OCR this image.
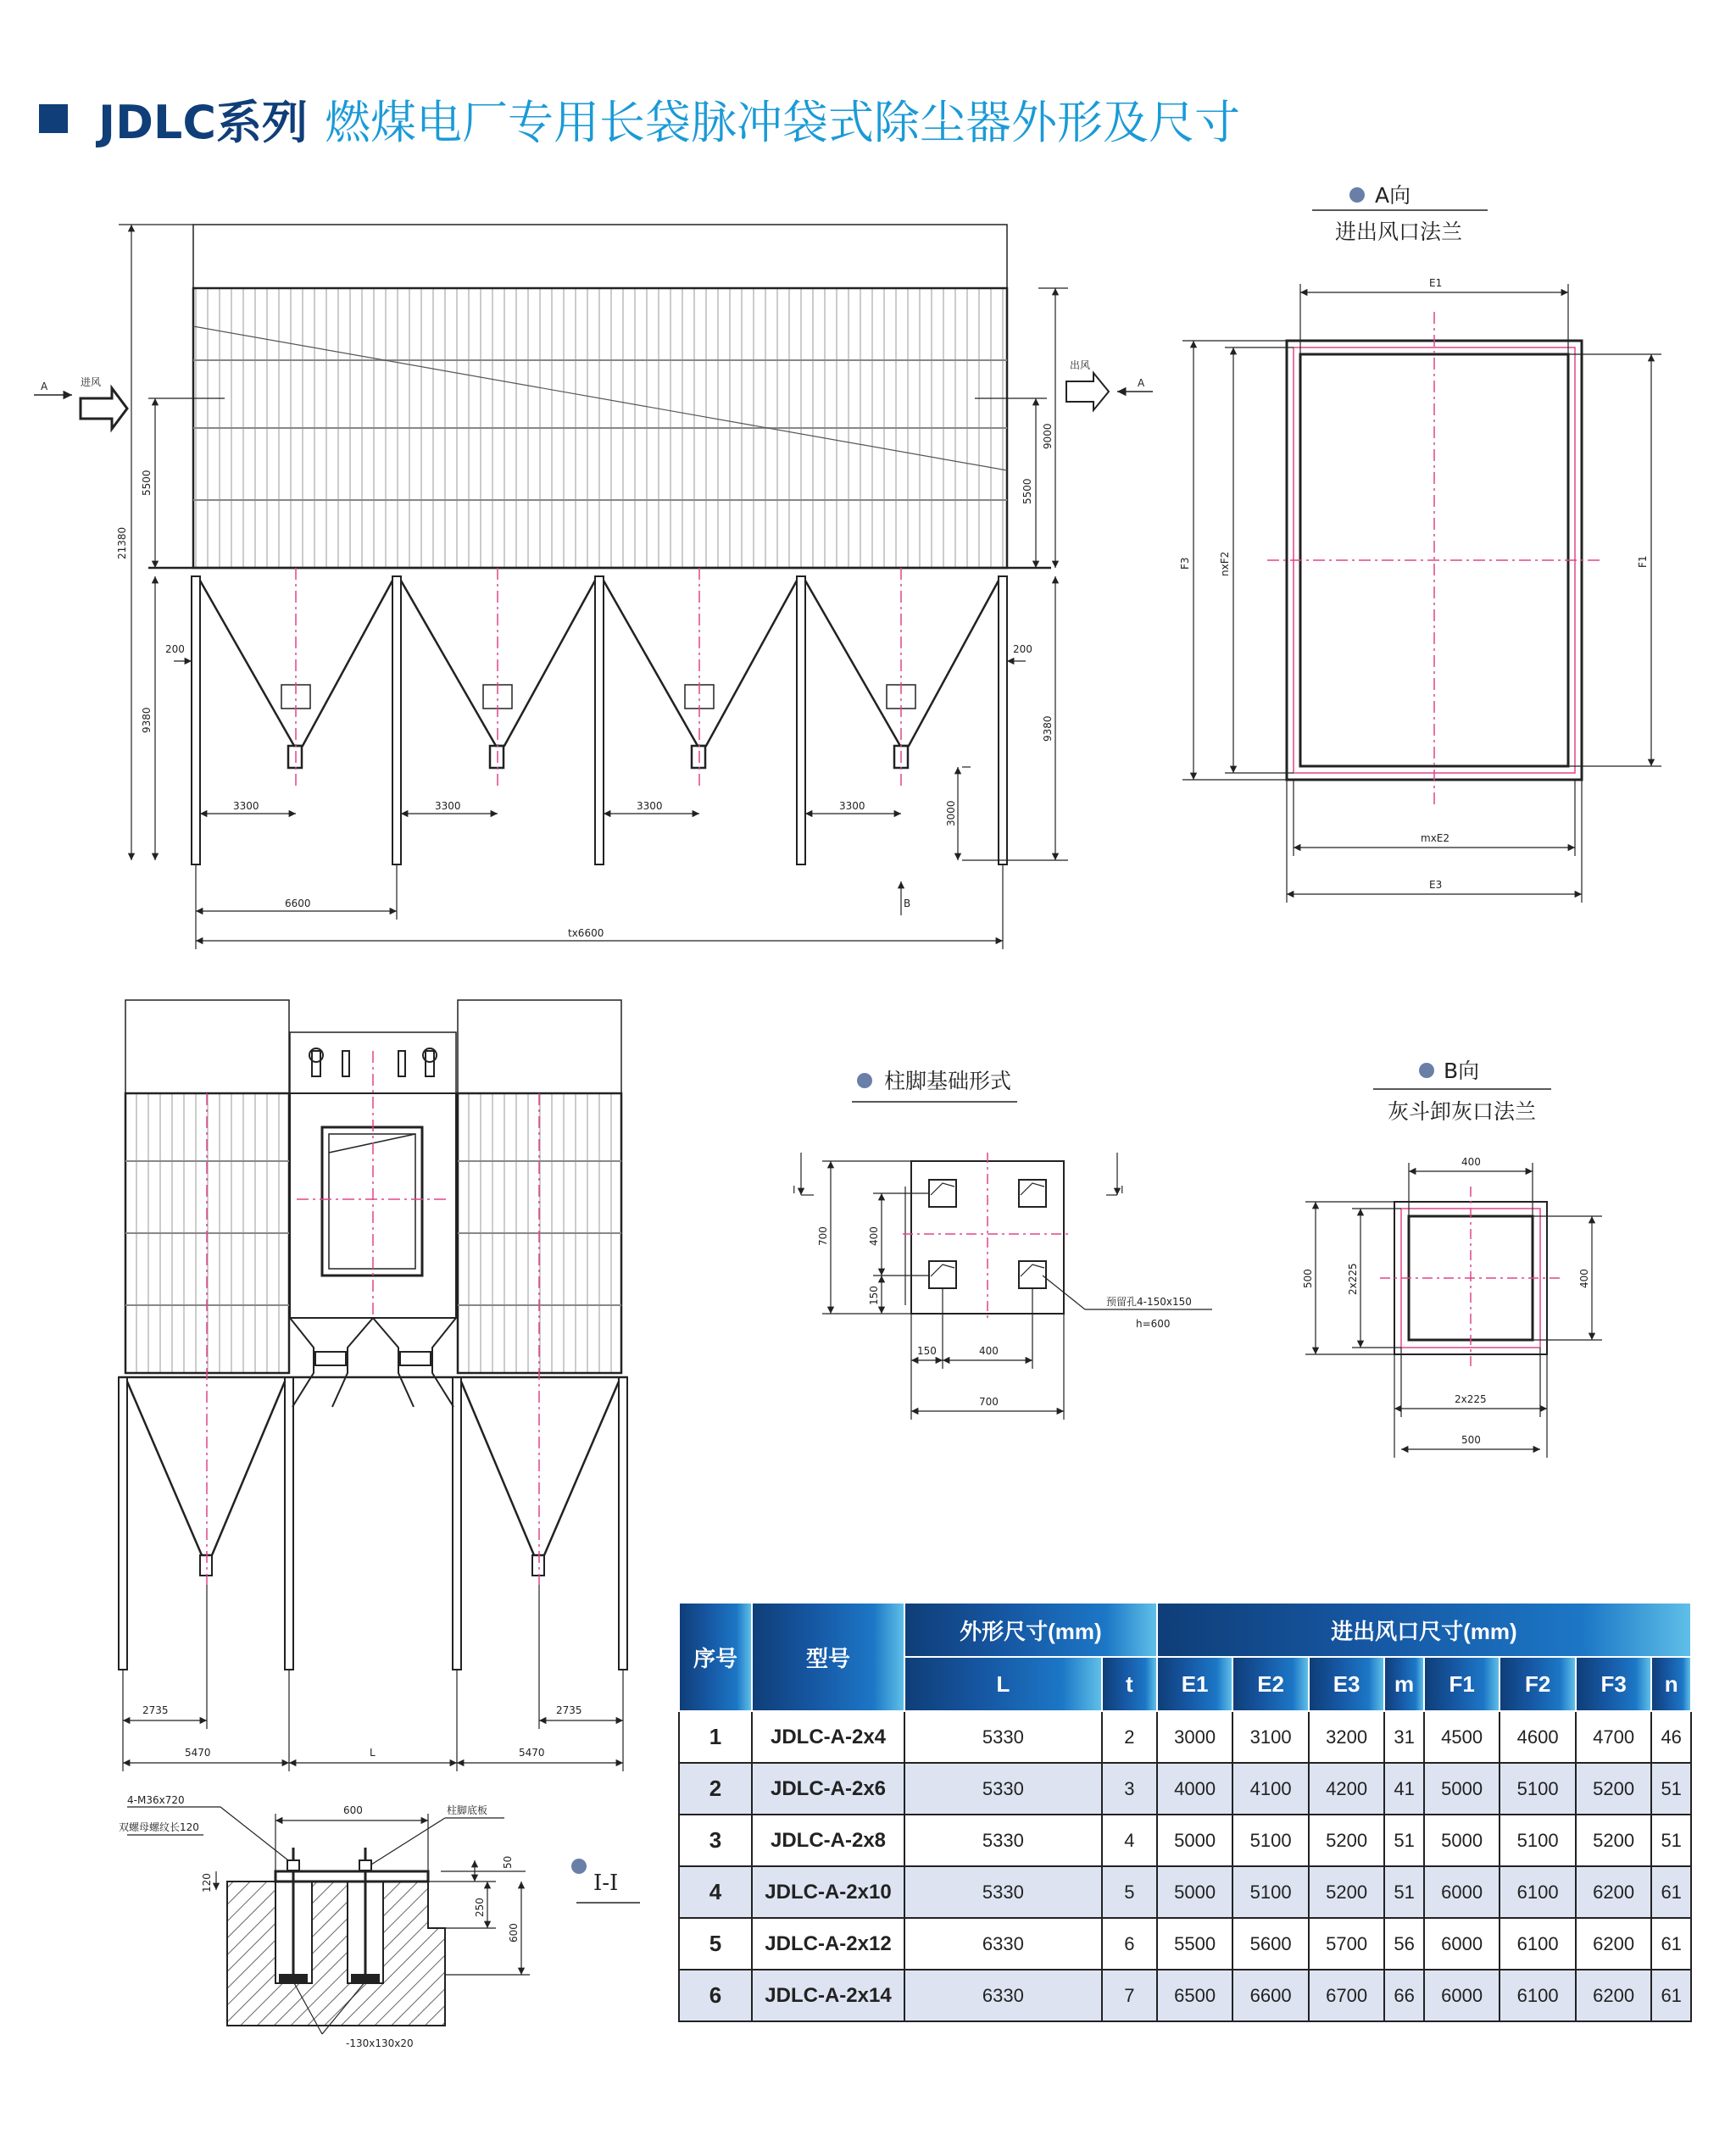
JDLC系列 燃煤电厂专用长袋脉冲袋式除尘器外形及尺寸
进风
A
出风
A
B
21380
5500
9380
9000
5500
9380
3000
200	200
3300	3300	3300	3300
6600
tx6600
A向
进出风口法兰
E1
mxE2
E3
F3	nxF2	F1
2735	2735
5470	L	5470
柱脚基础形式
预留孔4-150x150
h=600
I	I
700	400
150
150	400
700
B向
灰斗卸灰口法兰
400
2x225
500
500	2x225	400
I-I
4-M36x720
双螺母螺纹长120
柱脚底板
-130x130x20
600
50
120
250
600
序号	型号	外形尺寸(mm)		进出风口尺寸(mm)							
		L	t	E1	E2	E3	m	F1	F2	F3	n
1	JDLC-A-2x4	5330	2	3000	3100	3200	31	4500	4600	4700	46
2	JDLC-A-2x6	5330	3	4000	4100	4200	41	5000	5100	5200	51
3	JDLC-A-2x8	5330	4	5000	5100	5200	51	5000	5100	5200	51
4	JDLC-A-2x10	5330	5	5000	5100	5200	51	6000	6100	6200	61
5	JDLC-A-2x12	6330	6	5500	5600	5700	56	6000	6100	6200	61
6	JDLC-A-2x14	6330	7	6500	6600	6700	66	6000	6100	6200	61
